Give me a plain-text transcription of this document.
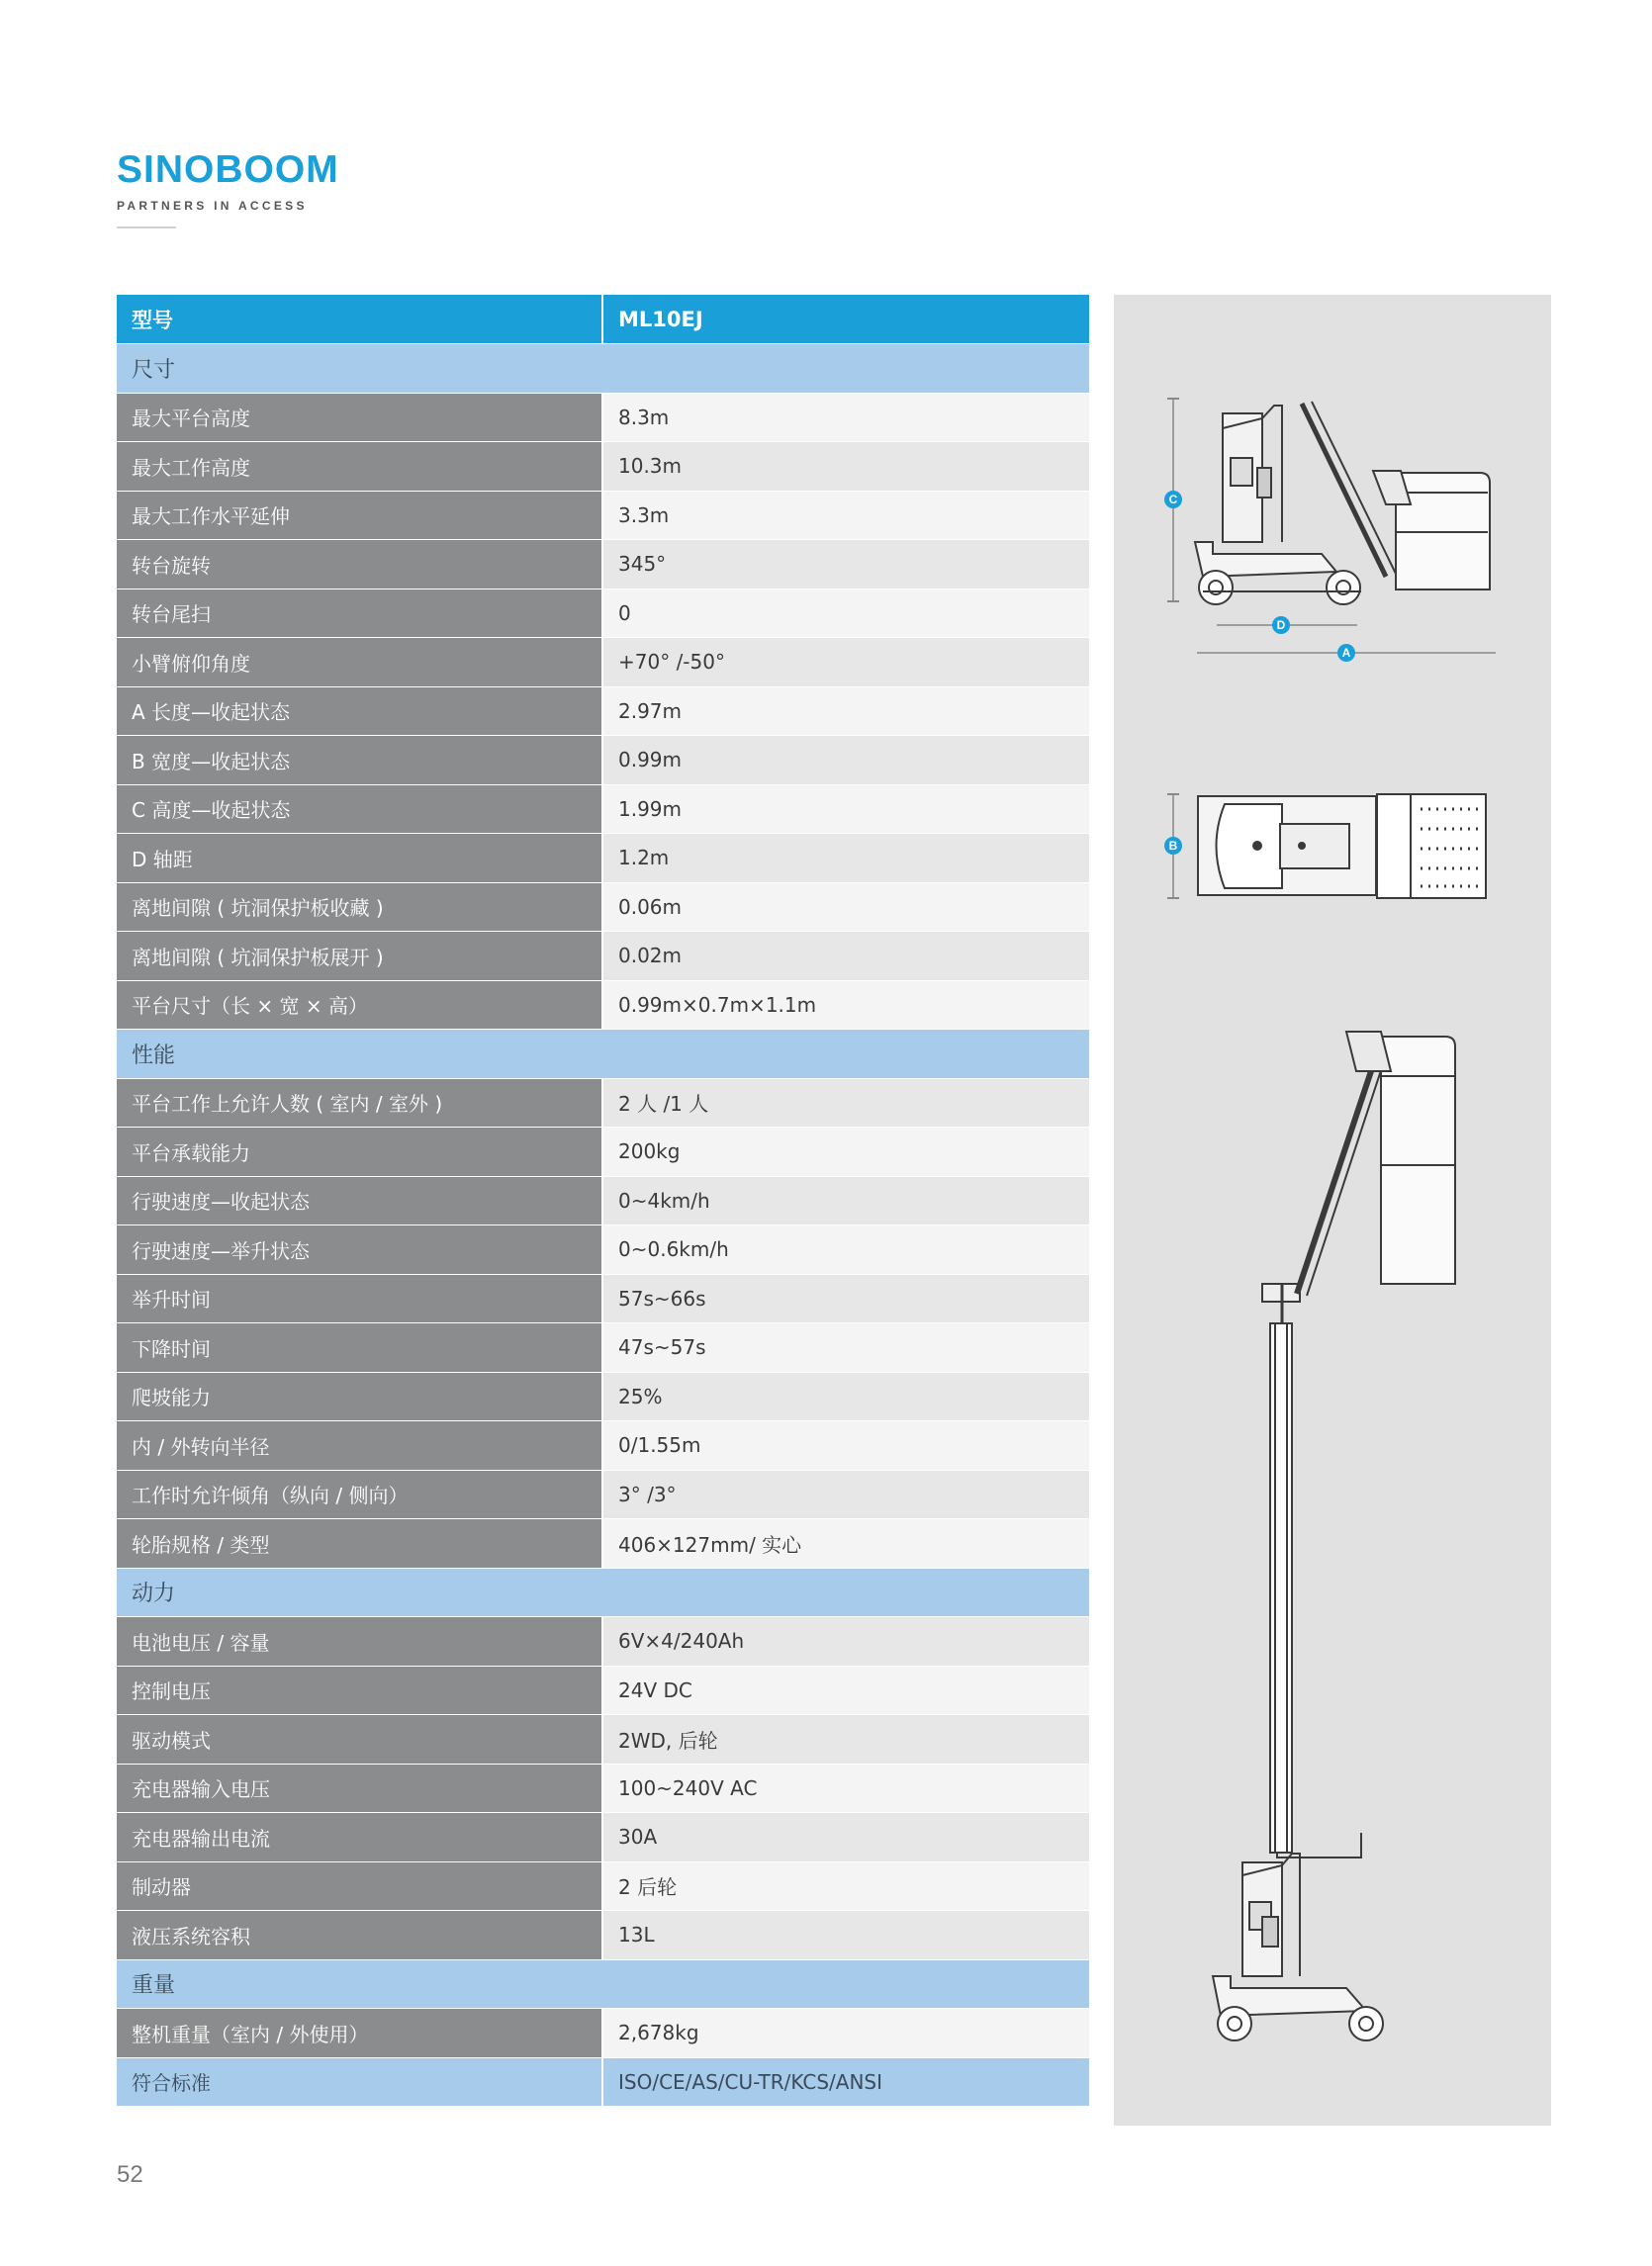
SINOBOOM
PARTNERS IN ACCESS
型号	ML10EJ
尺寸	
最大平台高度	8.3m
最大工作高度	10.3m
最大工作水平延伸	3.3m
转台旋转	345°
转台尾扫	0
小臂俯仰角度	+70° /-50°
A 长度—收起状态	2.97m
B 宽度—收起状态	0.99m
C 高度—收起状态	1.99m
D 轴距	1.2m
离地间隙 ( 坑洞保护板收藏 )	0.06m
离地间隙 ( 坑洞保护板展开 )	0.02m
平台尺寸（长 × 宽 × 高）	0.99m×0.7m×1.1m
性能	
平台工作上允许人数 ( 室内 / 室外 )	2 人 /1 人
平台承载能力	200kg
行驶速度—收起状态	0~4km/h
行驶速度—举升状态	0~0.6km/h
举升时间	57s~66s
下降时间	47s~57s
爬坡能力	25%
内 / 外转向半径	0/1.55m
工作时允许倾角（纵向 / 侧向）	3° /3°
轮胎规格 / 类型	406×127mm/ 实心
动力	
电池电压 / 容量	6V×4/240Ah
控制电压	24V DC
驱动模式	2WD, 后轮
充电器输入电压	100~240V AC
充电器输出电流	30A
制动器	2 后轮
液压系统容积	13L
重量	
整机重量（室内 / 外使用）	2,678kg
符合标准	ISO/CE/AS/CU-TR/KCS/ANSI
C
D
A
B
52
